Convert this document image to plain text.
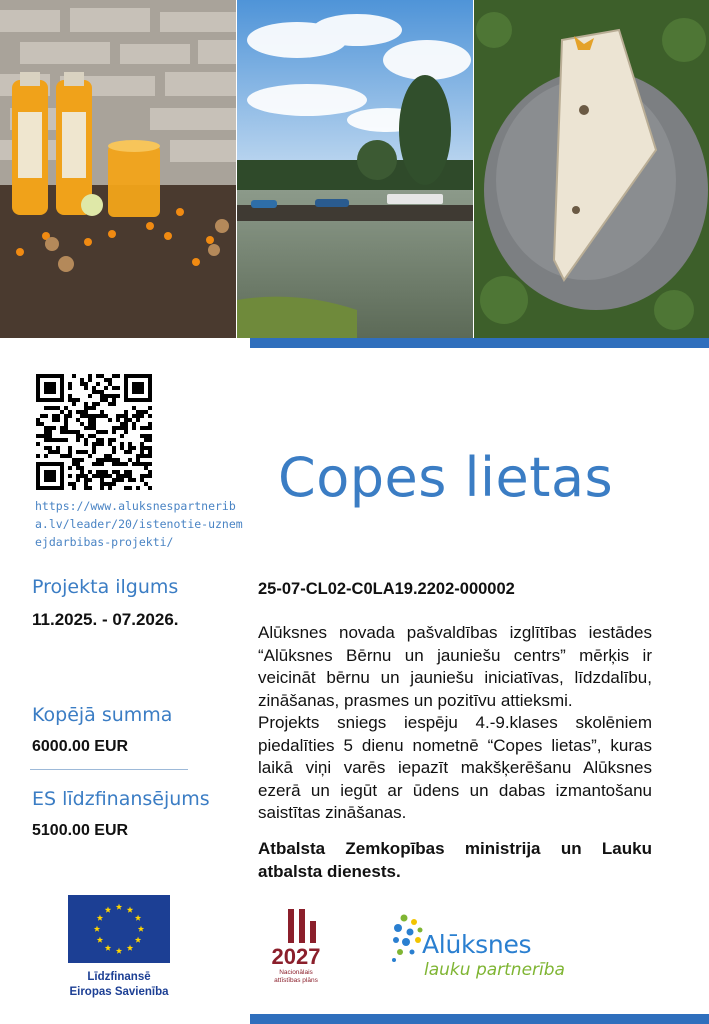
https://www.aluksnespartneriba.lv/leader/20/istenotie-uznemejdarbibas-projekti/
Copes lietas
Projekta ilgums
11.2025. - 07.2026.
Kopējā summa
6000.00 EUR
ES līdzfinansējums
5100.00 EUR
25-07-CL02-C0LA19.2202-000002

Alūksnes novada pašvaldības izglītības iestādes “Alūksnes Bērnu un jauniešu centrs” mērķis ir veicināt bērnu un jauniešu iniciatīvas, līdzdalību, zināšanas, prasmes un pozitīvu attieksmi.

Projekts sniegs iespēju 4.-9.klases skolēniem piedalīties 5 dienu nometnē “Copes lietas”, kuras laikā viņi varēs iepazīt makšķerēšanu Alūksnes ezerā un iegūt ar ūdens un dabas izmantošanu saistītas zināšanas.

Atbalsta Zemkopības ministrija un Lauku atbalsta dienests.
Līdzfinansē
Eiropas Savienība
2027
Nacionālais
attīstības plāns
Alūksnes
lauku partnerība
